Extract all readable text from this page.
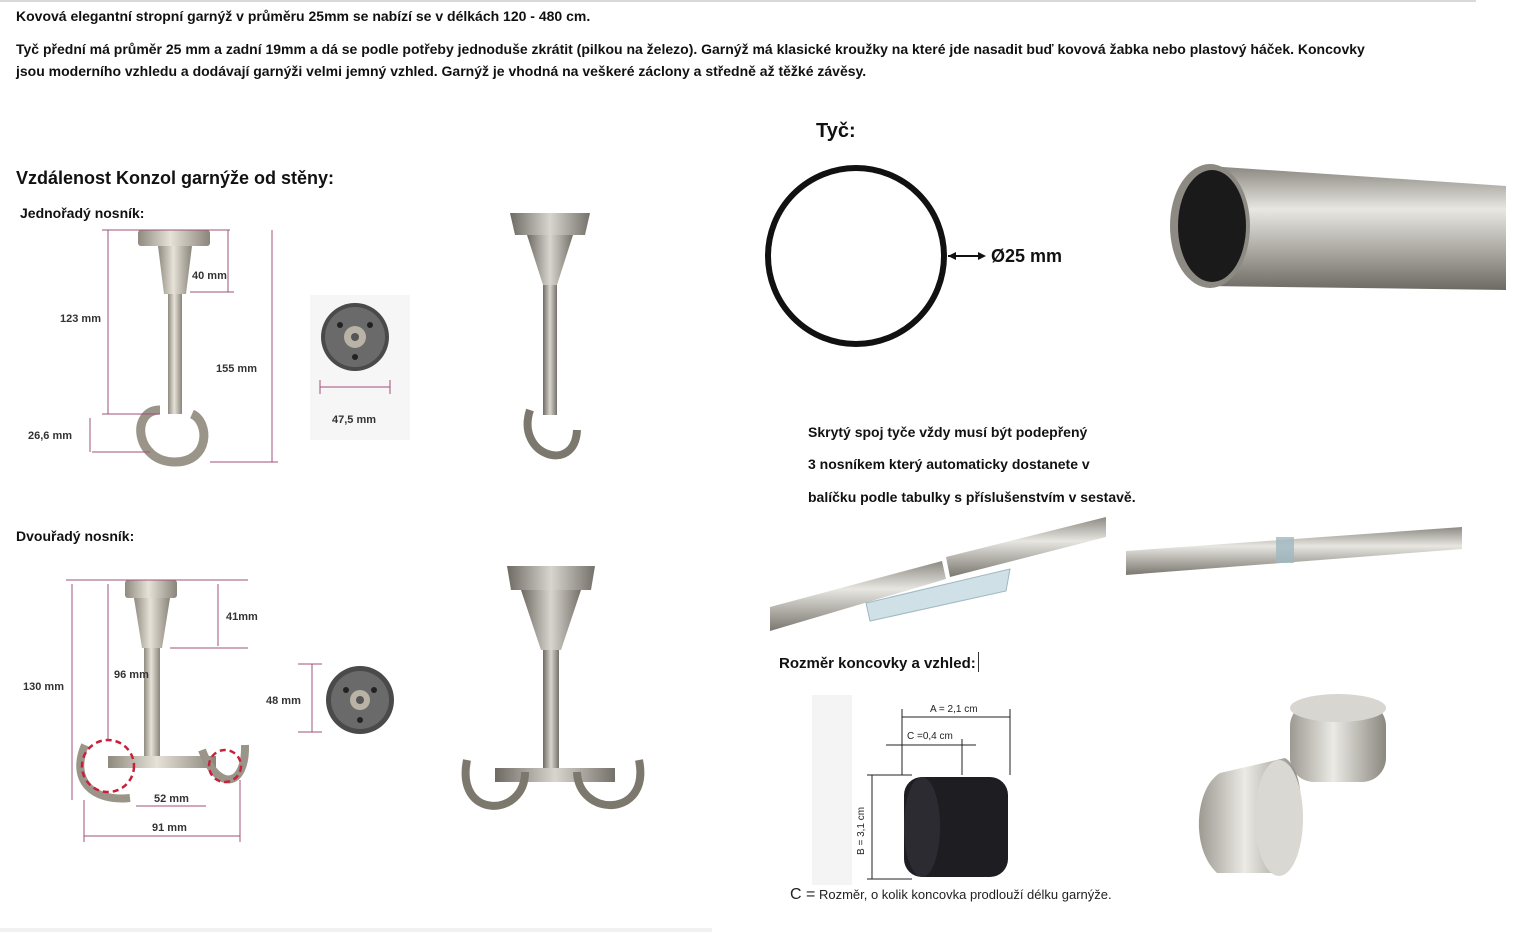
Kovová elegantní stropní garnýž v průměru 25mm se nabízí se v délkách 120 - 480 cm.
Tyč přední má průměr 25 mm a zadní 19mm a dá se podle potřeby jednoduše zkrátit (pilkou na železo). Garnýž má klasické kroužky na které jde nasadit buď kovová žabka nebo plastový háček. Koncovky jsou moderního vzhledu a dodávají garnýži velmi jemný vzhled. Garnýž je vhodná na veškeré záclony a středně až těžké závěsy.
Vzdálenost Konzol garnýže od stěny:
Tyč:
Jednořadý nosník:
Dvouřadý nosník:
40 mm
123 mm
155 mm
26,6 mm
47,5 mm
Ø25 mm
Skrytý spoj tyče vždy musí být podepřený
3 nosníkem který automaticky dostanete v
balíčku podle tabulky s příslušenstvím v sestavě.
Rozměr koncovky a vzhled:
41mm
130 mm
96 mm
52 mm
91 mm
48 mm
A = 2,1 cm
C =0,4 cm
B = 3,1 cm
C = Rozměr, o kolik koncovka prodlouží délku garnýže.
